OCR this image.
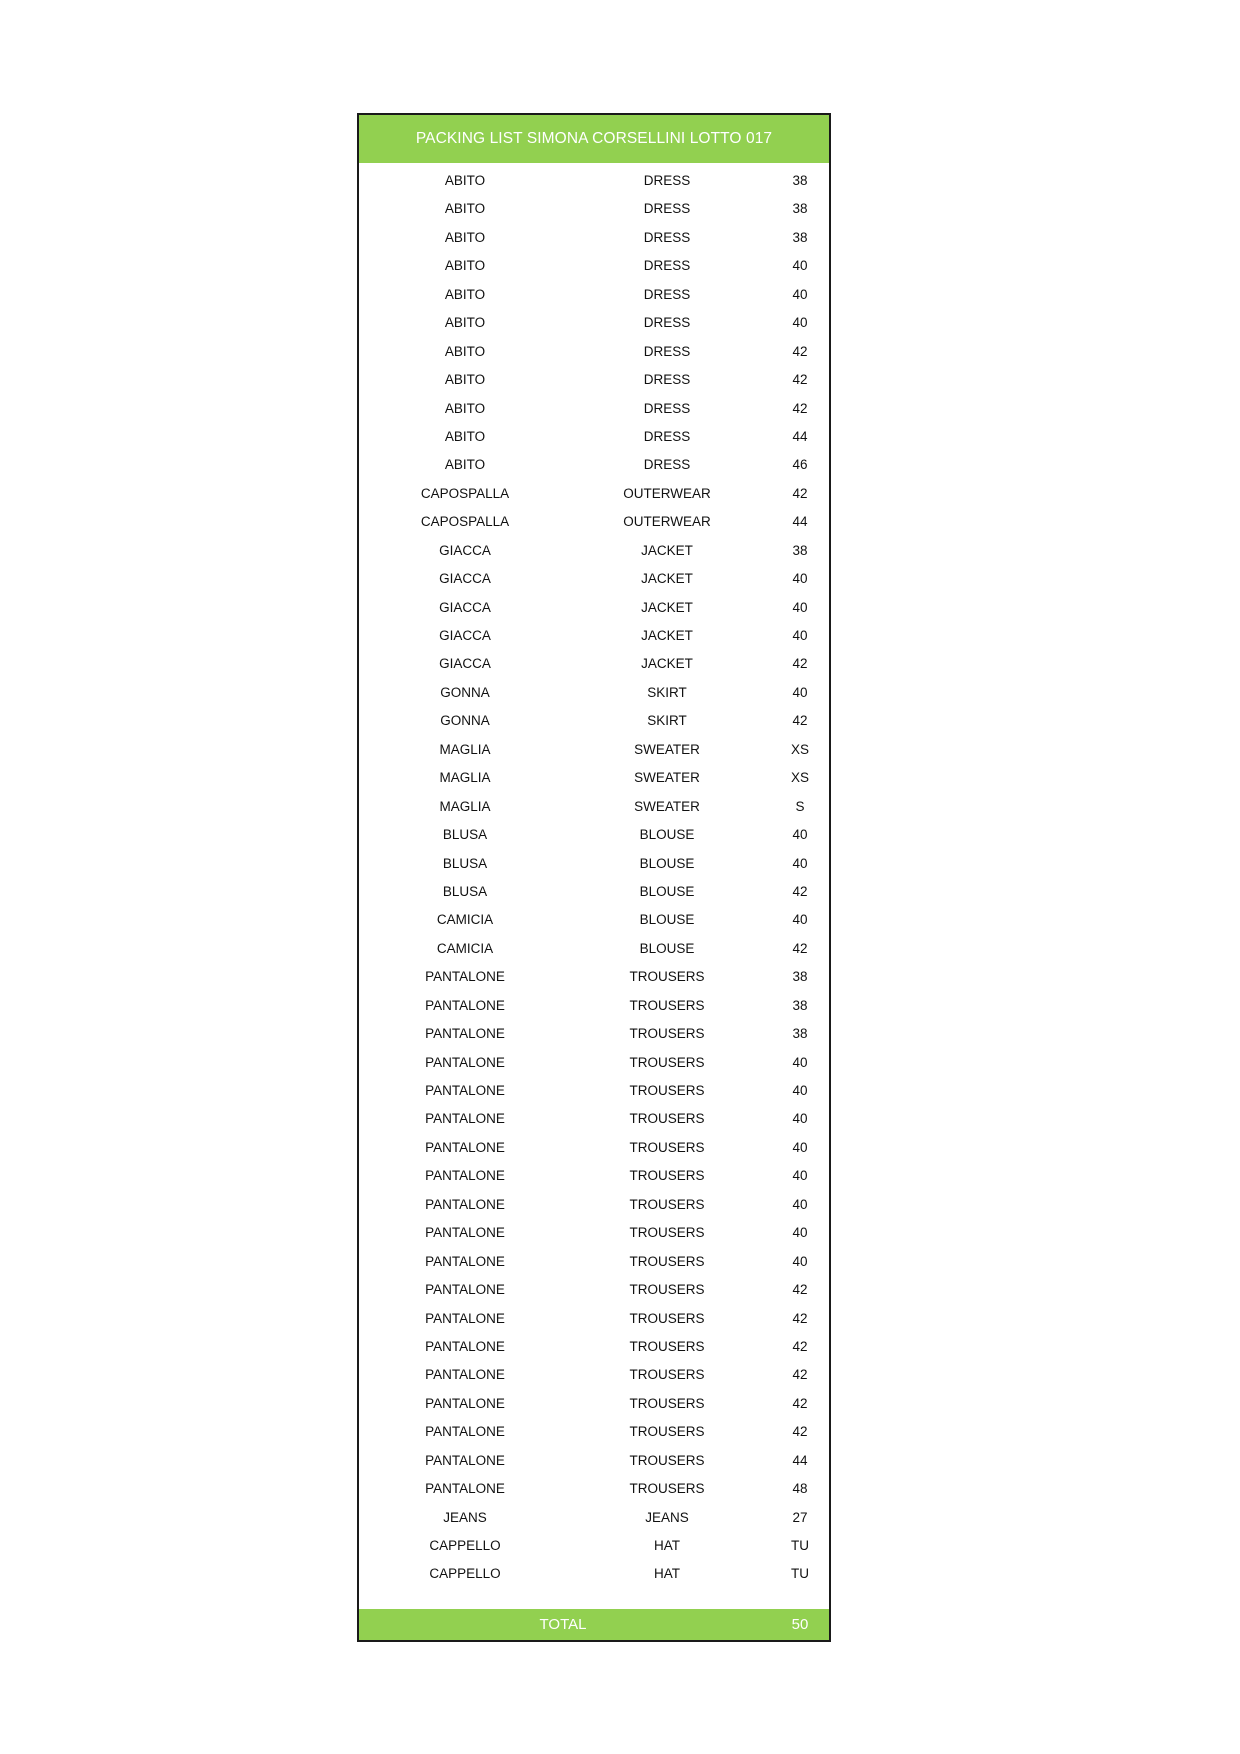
PACKING LIST SIMONA CORSELLINI LOTTO 017
ABITO	DRESS	38
ABITO	DRESS	38
ABITO	DRESS	38
ABITO	DRESS	40
ABITO	DRESS	40
ABITO	DRESS	40
ABITO	DRESS	42
ABITO	DRESS	42
ABITO	DRESS	42
ABITO	DRESS	44
ABITO	DRESS	46
CAPOSPALLA	OUTERWEAR	42
CAPOSPALLA	OUTERWEAR	44
GIACCA	JACKET	38
GIACCA	JACKET	40
GIACCA	JACKET	40
GIACCA	JACKET	40
GIACCA	JACKET	42
GONNA	SKIRT	40
GONNA	SKIRT	42
MAGLIA	SWEATER	XS
MAGLIA	SWEATER	XS
MAGLIA	SWEATER	S
BLUSA	BLOUSE	40
BLUSA	BLOUSE	40
BLUSA	BLOUSE	42
CAMICIA	BLOUSE	40
CAMICIA	BLOUSE	42
PANTALONE	TROUSERS	38
PANTALONE	TROUSERS	38
PANTALONE	TROUSERS	38
PANTALONE	TROUSERS	40
PANTALONE	TROUSERS	40
PANTALONE	TROUSERS	40
PANTALONE	TROUSERS	40
PANTALONE	TROUSERS	40
PANTALONE	TROUSERS	40
PANTALONE	TROUSERS	40
PANTALONE	TROUSERS	40
PANTALONE	TROUSERS	42
PANTALONE	TROUSERS	42
PANTALONE	TROUSERS	42
PANTALONE	TROUSERS	42
PANTALONE	TROUSERS	42
PANTALONE	TROUSERS	42
PANTALONE	TROUSERS	44
PANTALONE	TROUSERS	48
JEANS	JEANS	27
CAPPELLO	HAT	TU
CAPPELLO	HAT	TU
TOTAL	50
